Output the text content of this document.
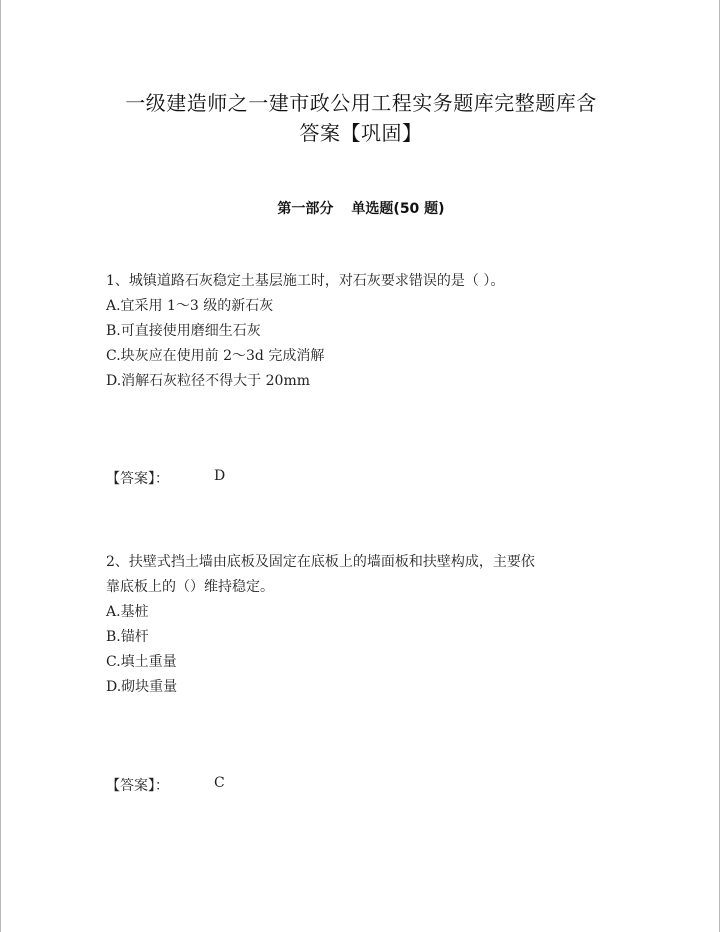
一级建造师之一建市政公用工程实务题库完整题库含
答案【巩固】
第一部分 单选题(50 题)
1、城镇道路石灰稳定土基层施工时，对石灰要求错误的是（ ）。
A.宜采用 1～3 级的新石灰
B.可直接使用磨细生石灰
C.块灰应在使用前 2～3d 完成消解
D.消解石灰粒径不得大于 20mm
【答案】：	D
2、扶壁式挡土墙由底板及固定在底板上的墙面板和扶壁构成，主要依
靠底板上的（）维持稳定。
A.基桩
B.锚杆
C.填土重量
D.砌块重量
【答案】：	C
